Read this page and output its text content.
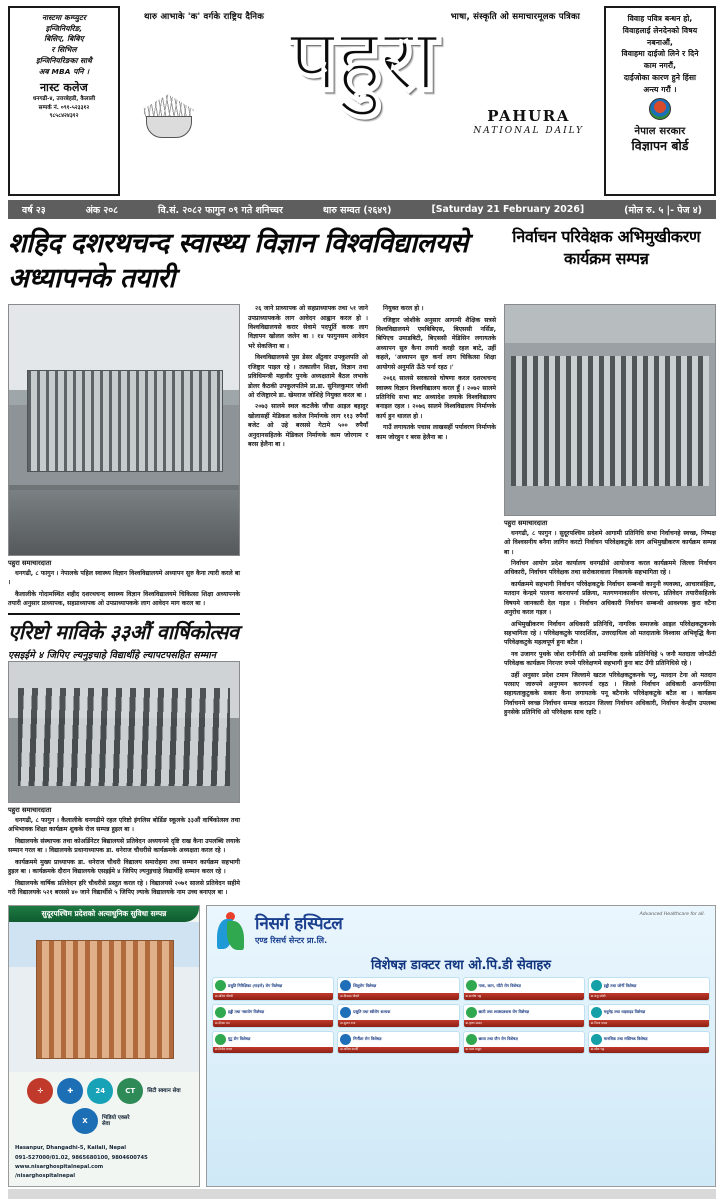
नास्टमा कम्प्युटर
इन्जिनियरिङ,
बिसिए, बिबिए
र सिभिल
इन्जिनियरिङका साथै
अब MBA पनि ।
नास्ट कलेज
धनगढी-४, उत्तरबेहडी, कैलाली
सम्पर्क नं. ०९१-५२३३१२
९८५८४२४३१२
थारु आभाके 'क' वर्गके राष्ट्रिय दैनिक	भाषा, संस्कृति ओ समाचारमूलक पत्रिका
पहुरा
PAHURA
NATIONAL DAILY
विवाह पवित्र बन्धन हो,
विवाहलाई लेनदेनको विषय
नबनाऔं,
विवाहमा दाईजो लिने र दिने
काम नगरौं,
दाईजोका कारण हुने हिंसा
अन्त्य गरौं ।
नेपाल सरकार
विज्ञापन बोर्ड
वर्ष २३	अंक २०८	वि.सं. २०८२ फागुन ०९ गते शनिच्चर	थारु सम्वत (२६४९)	[Saturday 21 February 2026]	(मोल रु. ५ |- पेज ४)
शहिद दशरथचन्द स्वास्थ्य विज्ञान विश्वविद्यालयसे अध्यापनके तयारी
निर्वाचन परिवेक्षक अभिमुखीकरण कार्यक्रम सम्पन्न
पहुरा समाचारदाता

धनगढी, ८ फागुन । नेपालके पहिल स्वास्थ्य विज्ञान विश्वविद्यालयमे अध्यापन सुरु कैना त्यारी करले बा ।

कैलालीके गोदामस्थित शहीद दशरथचन्द स्वास्थ्य विज्ञान विश्वविद्यालयमे चिकित्सा शिक्षा अध्यापनके तयारी अनुसार प्राध्यापक, सहप्राध्यापक ओ उपप्राध्यापकके लाग आवेदन माग करल बा ।

एरिष्टो माविके ३३औं वार्षिकोत्सव
एसइईमे ४ जिपिए ल्यनुइचाहे विद्यार्थीहे ल्यापटपसहित सम्मान
पहुरा समाचारदाता

धनगढी, ८ फागुन । कैलालीके धनगढीमे रहल एरिष्टो इंगलिस बोर्डिङ स्कूलके ३३औं वार्षिकोत्सव तथा अभिभावक शिक्षा कार्यक्रम शुकके रोज सम्पन्न हुइल बा ।

विद्यालयके संस्थापक तथा कोअर्डिनेटर बिद्यालयसे प्रतिवेदन अध्ययनमे दृष्टि राख कैना उपलब्धि लयाके सम्मान गरल बा । विद्यालयके प्रधानाध्यापक डा. धनेराज चौधरीसे कार्यक्रमके अध्यक्षता करल रहे ।

कार्यक्रममे मुख्य प्राध्यापक डा. धनेराज चौधरी विद्यालय समारोहमा तथा सम्मान कार्यक्रम सहभागी हुइल बा । कार्यक्रमके दौरान विद्यालयके एसइईमे ४ जिपिए ल्यनुइचाहे विद्यार्थीहे सम्मान करल रहे ।

विद्यालयके वार्षिक प्रतिवेदन हरि चौधरीसे प्रस्तुत करल रहे । विद्यालयसे २०७१ सालसे प्रतिवेदन सहीमे गरी विद्यालयके ५२१ बरससे ४० जाने विद्यार्थीसे ५ जिपिए ल्याके विद्यालयके नाम उच्च बनाएल बा ।

२६ जाने प्राध्यापक ओ सहप्राध्यापक तथा ५१ जाने उपप्राध्यापकके लाग आवेदन आह्वान करल हो । विश्वविद्यालयसे करार सेवामे पदपूर्ति करक लाग विज्ञापन खोलल जलेन बा । १४ फागुनसम आवेदन भरे सेकजिना बा ।

विश्वविद्यालयसे पुस डेसर अँठुवार उपकुलपति ओ रजिष्ट्रार पाइल रहे । तत्कालीन शिक्षा, विज्ञान तथा प्रविधिमन्त्री महावीर पुनके अध्यक्षतामे बैठल लभाके डोलर कैठकी उपकुलपतिमे प्रा.डा. सुनिलकुमार जोशी ओ रजिष्ट्रारमे डा. खेमराज जोशिहे नियुक्त करल बा ।

२०७३ सालमे स्थल कटजैके जौंचा आइल बहादुर खोलासहीं मेडिकल कलेज निर्माणके लाग ११३ रुपैयाँ बजेट ओ उहे बरससे गेटामे ५०० रुपैयाँ अनुदानसहितके मेडिकल निर्माणके काम जोरगाम र बरस हेलैना बा ।

नियुक्त करल हो ।

रजिष्ट्रार जोशीके अनुसार आगामी शैक्षिक सत्रसे विश्वविद्यालयमे एमबिबिएस, बिएससी नर्सिङ, बिपिएच उमाडबिटी, बिएससी मेडिसिन लगायतके अध्यापन सुरु कैना तयारी करही रहल बाटे, उहीं कहले, 'अध्यापन सुरु कर्ना लाग चिकित्सा शिक्षा आयोगसे अनुमति ऊँठे पर्ना रहठ ।'

२०६६ सालसे सरकारसे घोषणा करल दशरथचन्द स्वास्थ्य विज्ञान विश्वविद्यालय करल हुँ । २०७२ सालमे प्रतिनिधि सभा बाट अध्यादेश लयाके विश्वविद्यालय बनाइल रहल । २०७६ सालमे विश्वविद्यालय निर्माणके कार्य हुन थालल हो ।

गाउँ लगायतके पचास लाखसहीं पर्यावरण निर्माणके काम जोरहुन र बरस हेलैना बा ।

पहुरा समाचारदाता

धनगढी, ८ फागुन । सुदूरपश्चिम प्रदेशमे आगामी प्रतिनिधि सभा निर्वाचनहे स्वच्छ, निष्पक्ष ओ विश्वसनीय बनैना लागिन करटो निर्वाचन परिवेक्षकटुके लाग अभिमुखीकरण कार्यक्रम सम्पन्न बा ।

निर्वाचन आयोग प्रदेश कार्यालय धनगढीसे आयोजना करल कार्यक्रममे जिल्ला निर्वाचन अधिकारी, निर्वाचन परिवेक्षक तथा सरोकारवाला निकायके सहभागिता रहे ।

कार्यक्रममे सहभागी निर्वाचन परिवेक्षकटुके निर्वाचन सम्बन्धी कानुनी व्यवस्था, आचारसंहिता, मतदान केन्द्रमे पालना करनापर्ना प्रक्रिया, मतगणनाकालीन संरचना, प्रतिवेदन तयारीसहितके विषयमे जानकारी देल गइल । निर्वाचन अधिकारी निर्वाचन सम्बन्धी आवश्यक कुरा वटैना अनुरोध करल गइल ।

अभिमुखीकरण निर्वाचन अधिकारी प्रतिनिधि, नागरिक समाजके आइल परिवेक्षकटुकनके सहभागिता रहे । परिवेक्षकटुके पारदर्शिता, उत्तरदायित्व ओ मतदाताके विश्वास अभिवृद्धि कैना परिवेक्षकटुके महत्वपूर्ण हुना बटैल ।

नव उजागर पुथके जोश रानीनीति ओ प्रमाणिक दलके प्रतिनिधिहे ५ जनौ मतदाता जोगउँटी परिवेक्षक कार्यक्रम निरन्तर रुपमे परिवेक्षणमे सहभागी हुना बाट उँगी प्रतिनिधिसे रहे ।

उहीं अनुसार प्रदेश टमाम जिल्लामे खटल परिवेक्षकटुकनके पनू, मतदान टेना ओ मतदान परसाए जारुपमे अनुगमन करनपर्ना रहठ । जिल्ले निर्वाचन अधिकारी अन्तर्गतिया सहायताकुटुकके सकार कैना लगायतके पनू बटैनाके परिवेक्षकटुके बटैल बा । कार्यक्रम निर्वाचनमे स्वच्छ निर्वाचन सम्पन्न कराउन जिल्ला निर्वाचन अधिकारी, निर्वाचन केन्द्रीय उपलब्ध हुनसेके प्रतिनिधि ओ परिवेक्षक साथ रहटि ।

सुदूरपश्चिम प्रदेशको अत्याधुनिक सुविधा सम्पन्न
✛	✚	24	CT	सिटी स्क्यान सेवा
X	भिडियो एक्सरे सेवा
Hasanpur, Dhangadhi-5, Kailali, Nepal
091-527000/01.02, 9865680100, 9804600745
www.nisarghospitalnepal.com
/nisarghospitalnepal
Advanced Healthcare for all.
निसर्ग हस्पिटल
एण्ड रिसर्च सेन्टर प्रा.लि.
विशेषज्ञ डाक्टर तथा ओ.पि.डी सेवाहरु
प्रसुति निरिक्षिका (गाइनो) रोग विशेषज्ञ
डा.सरिता चौधरी
शिशुरोग विशेषज्ञ
डा.विकास चौधरी
नाक, कान, घाँटी रोग विशेषज्ञ
डा.सन्तोष भट्ट
हड्डी तथा जोर्नी विशेषज्ञ
डा.राजु जोशी
हड्डी तथा नसारोग विशेषज्ञ
डा.दीपक बम
प्रसुति तथा स्त्रीरोग शल्यक
डा.सुजन राना
छाती तथा श्वासप्रश्वास रोग विशेषज्ञ
डा.कृष्ण साउद
मधुमेह तथा थाइराइड विशेषज्ञ
डा.निरज यादव
मुटु रोग विशेषज्ञ
डा.विनोद रावल
मिर्गौला रोग विशेषज्ञ
डा.अनिल कार्की
छाला तथा यौन रोग विशेषज्ञ
डा.पवन ठाकुर
मानसिक तथा मस्तिष्क विशेषज्ञ
डा.रमेश भट्ट
